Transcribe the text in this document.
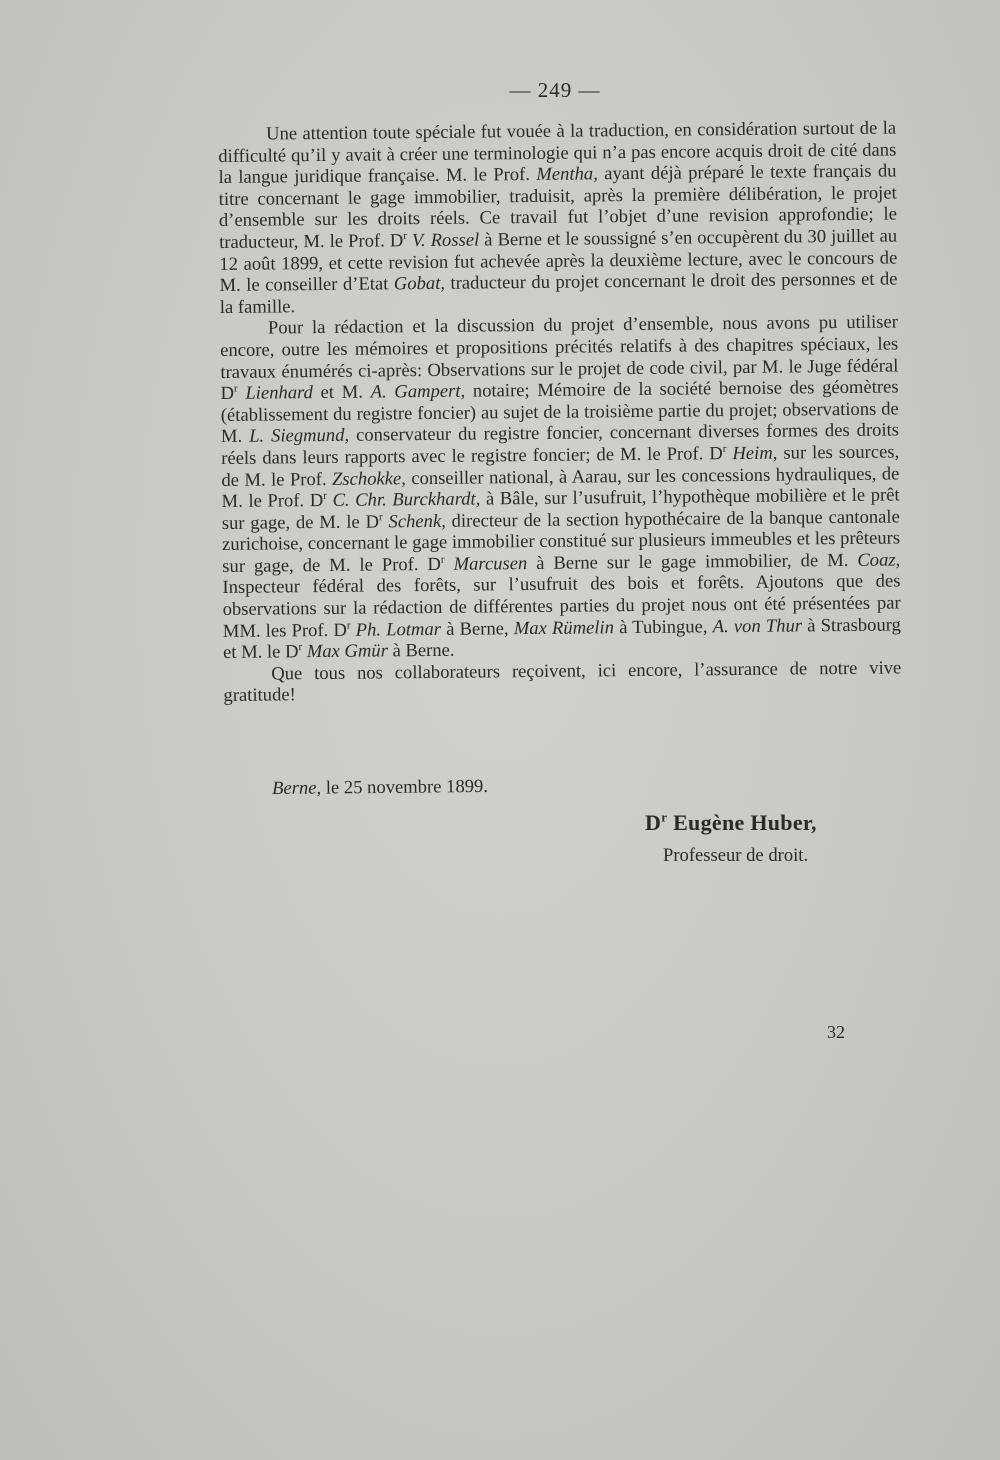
— 249 —

Une attention toute spéciale fut vouée à la traduction, en considération surtout de la difficulté qu’il y avait à créer une terminologie qui n’a pas encore acquis droit de cité dans la langue juridique française. M. le Prof. Mentha, ayant déjà préparé le texte français du titre concernant le gage immobilier, traduisit, après la première délibération, le projet d’ensemble sur les droits réels. Ce travail fut l’objet d’une revision approfondie; le traducteur, M. le Prof. $D^r$ V. Rossel à Berne et le soussigné s’en occupèrent du 30 juillet au 12 août 1899, et cette revision fut achevée après la deuxième lecture, avec le concours de M. le conseiller d’Etat Gobat, traducteur du projet concernant le droit des personnes et de la famille.

Pour la rédaction et la discussion du projet d’ensemble, nous avons pu utiliser encore, outre les mémoires et propositions précités relatifs à des chapitres spéciaux, les travaux énumérés ci-après: Observations sur le projet de code civil, par M. le Juge fédéral $D^r$ Lienhard et M. A. Gampert, notaire; Mémoire de la société bernoise des géomètres (établissement du registre foncier) au sujet de la troisième partie du projet; observations de M. L. Siegmund, conservateur du registre foncier, concernant diverses formes des droits réels dans leurs rapports avec le registre foncier; de M. le Prof. $D^r$ Heim, sur les sources, de M. le Prof. Zschokke, conseiller national, à Aarau, sur les concessions hydrauliques, de M. le Prof. $D^r$ C. Chr. Burckhardt, à Bâle, sur l’usufruit, l’hypothèque mobilière et le prêt sur gage, de M. le $D^r$ Schenk, directeur de la section hypothécaire de la banque cantonale zurichoise, concernant le gage immobilier constitué sur plusieurs immeubles et les prêteurs sur gage, de M. le Prof. $D^r$ Marcusen à Berne sur le gage immobilier, de M. Coaz, Inspecteur fédéral des forêts, sur l’usufruit des bois et forêts. Ajoutons que des observations sur la rédaction de différentes parties du projet nous ont été présentées par MM. les Prof. $D^r$ Ph. Lotmar à Berne, Max Rümelin à Tubingue, A. von Thur à Strasbourg et M. le $D^r$ Max Gmür à Berne.

Que tous nos collaborateurs reçoivent, ici encore, l’assurance de notre vive gratitude!

Berne, le 25 novembre 1899.
$D^r$ Eugène Huber,
Professeur de droit.
32
